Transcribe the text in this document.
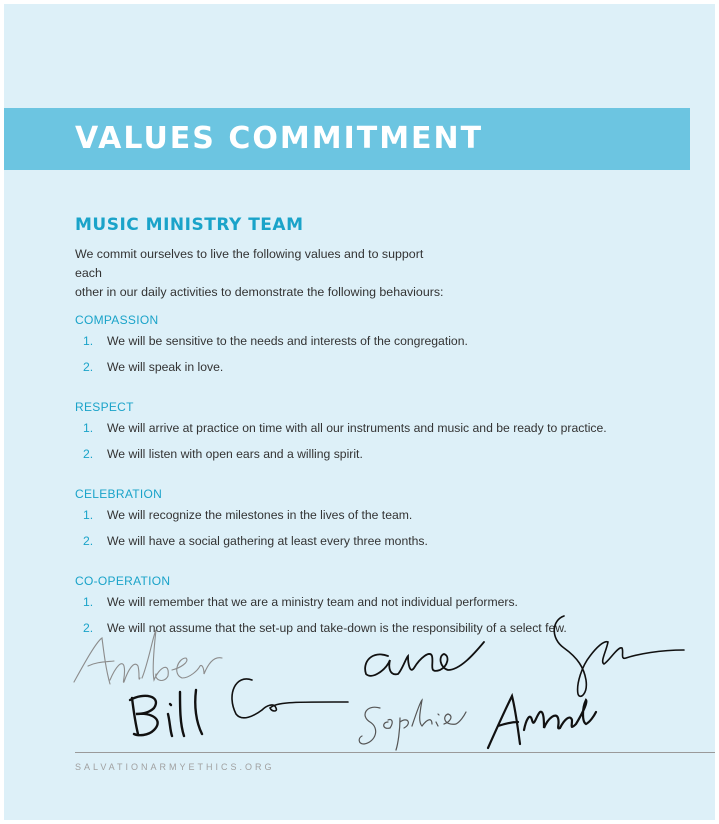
VALUES COMMITMENT
MUSIC MINISTRY TEAM

We commit ourselves to live the following values and to support each
other in our daily activities to demonstrate the following behaviours:

COMPASSION
1.	We will be sensitive to the needs and interests of the congregation.
2.	We will speak in love.
RESPECT
1.	We will arrive at practice on time with all our instruments and music and be ready to practice.
2.	We will listen with open ears and a willing spirit.
CELEBRATION
1.	We will recognize the milestones in the lives of the team.
2.	We will have a social gathering at least every three months.
CO-OPERATION
1.	We will remember that we are a ministry team and not individual performers.
2.	We will not assume that the set-up and take-down is the responsibility of a select few.

SALVATIONARMYETHICS.ORG
